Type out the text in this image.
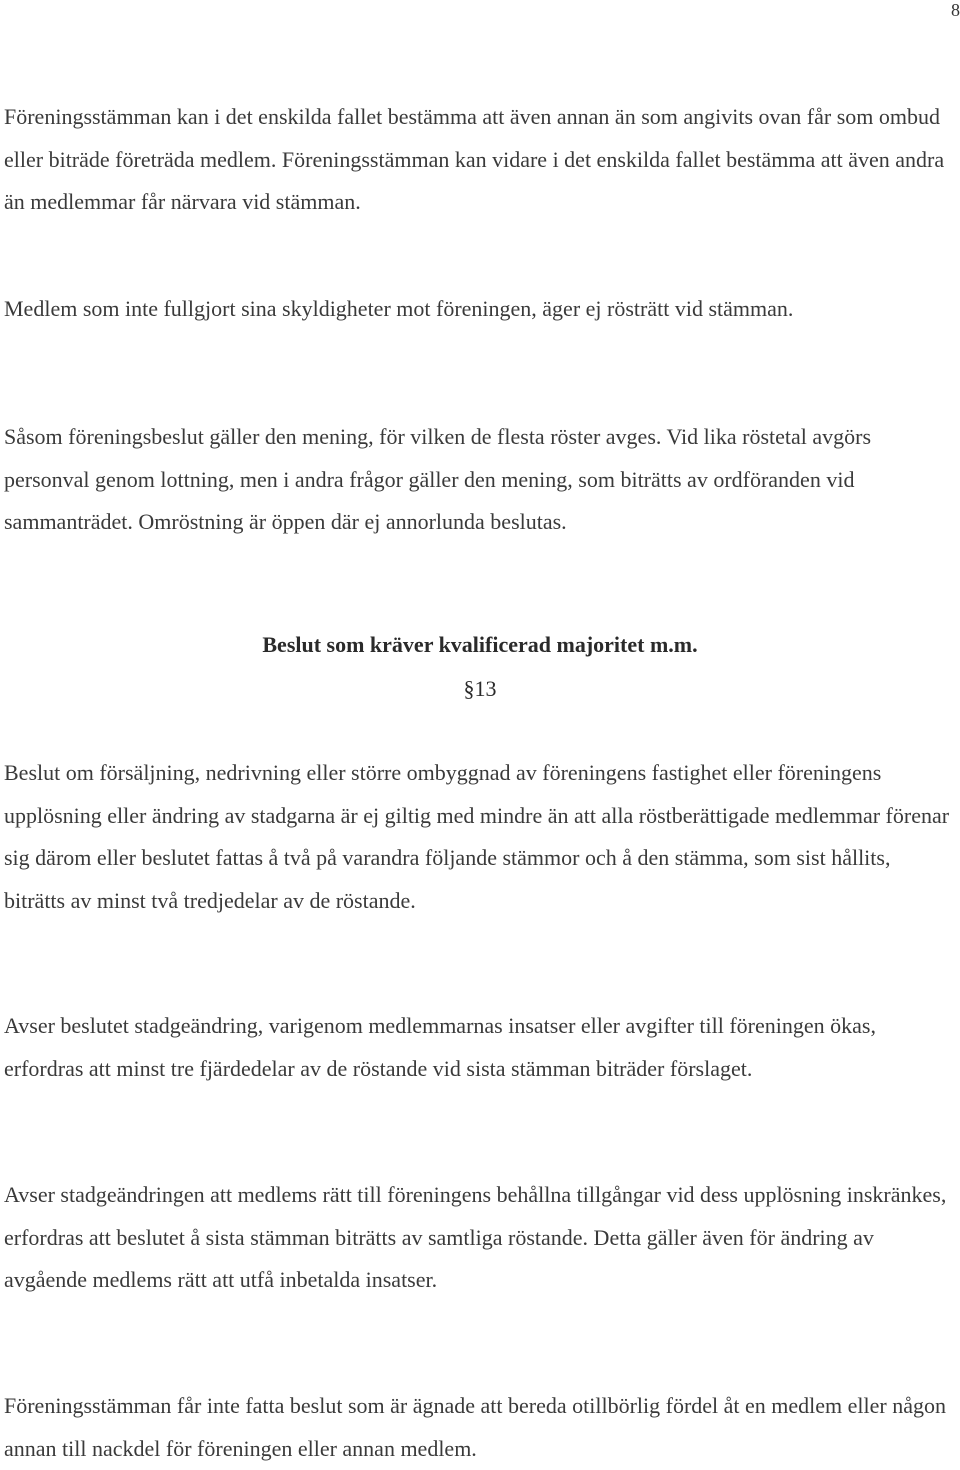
8

Föreningsstämman kan i det enskilda fallet bestämma att även annan än som angivits ovan får som ombud eller biträde företräda medlem. Föreningsstämman kan vidare i det enskilda fallet bestämma att även andra än medlemmar får närvara vid stämman.

Medlem som inte fullgjort sina skyldigheter mot föreningen, äger ej rösträtt vid stämman.

Såsom föreningsbeslut gäller den mening, för vilken de flesta röster avges. Vid lika röstetal avgörs personval genom lottning, men i andra frågor gäller den mening, som biträtts av ordföranden vid sammanträdet. Omröstning är öppen där ej annorlunda beslutas.

Beslut som kräver kvalificerad majoritet m.m.
§13

Beslut om försäljning, nedrivning eller större ombyggnad av föreningens fastighet eller föreningens upplösning eller ändring av stadgarna är ej giltig med mindre än att alla röstberättigade medlemmar förenar sig därom eller beslutet fattas å två på varandra följande stämmor och å den stämma, som sist hållits, biträtts av minst två tredjedelar av de röstande.

Avser beslutet stadgeändring, varigenom medlemmarnas insatser eller avgifter till föreningen ökas, erfordras att minst tre fjärdedelar av de röstande vid sista stämman biträder förslaget.

Avser stadgeändringen att medlems rätt till föreningens behållna tillgångar vid dess upplösning inskränkes, erfordras att beslutet å sista stämman biträtts av samtliga röstande. Detta gäller även för ändring av avgående medlems rätt att utfå inbetalda insatser.

Föreningsstämman får inte fatta beslut som är ägnade att bereda otillbörlig fördel åt en medlem eller någon annan till nackdel för föreningen eller annan medlem.
